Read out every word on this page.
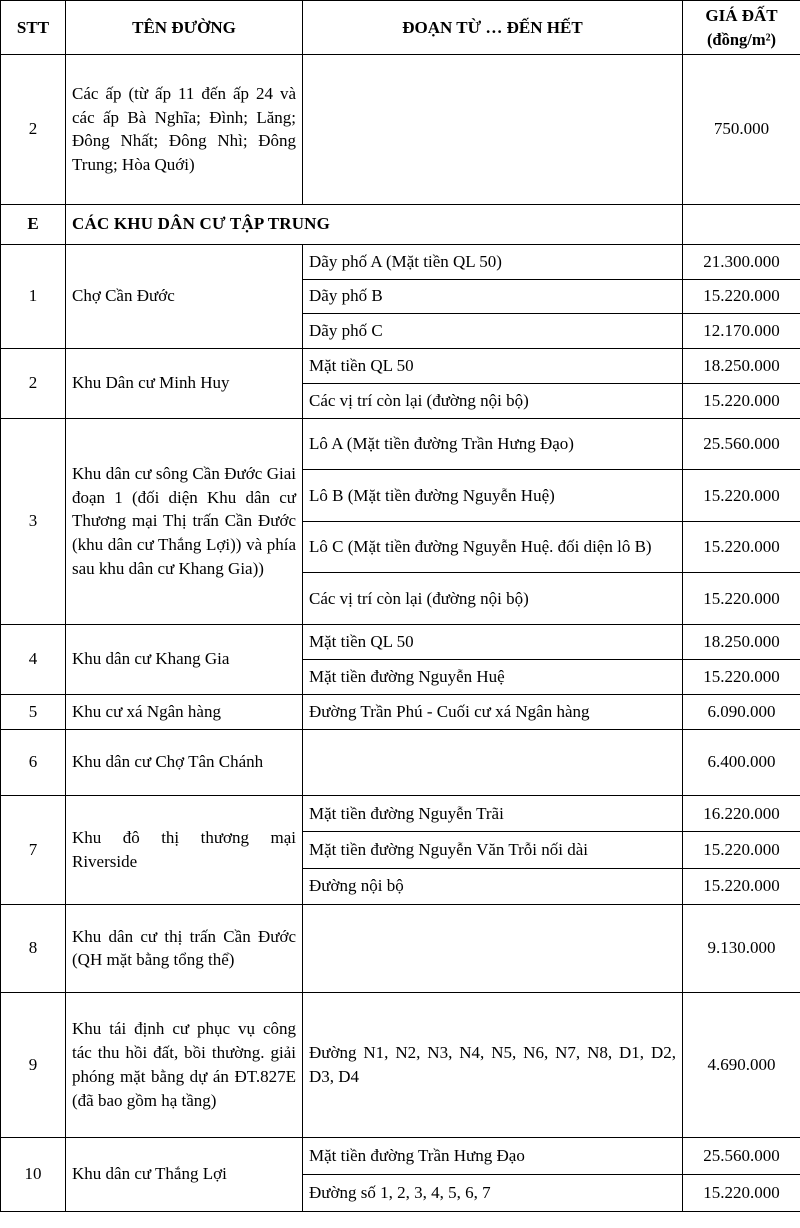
STT	TÊN ĐƯỜNG	ĐOẠN TỪ … ĐẾN HẾT	GIÁ ĐẤT
(đồng/m²)

2	Các ấp (từ ấp 11 đến ấp 24 và các ấp Bà Nghĩa; Đình; Lăng; Đông Nhất; Đông Nhì; Đông Trung; Hòa Quới)		750.000
E	CÁC KHU DÂN CƯ TẬP TRUNG		
1	Chợ Cần Đước	Dãy phố A (Mặt tiền QL 50)	21.300.000
		Dãy phố B	15.220.000
		Dãy phố C	12.170.000
2	Khu Dân cư Minh Huy	Mặt tiền QL 50	18.250.000
		Các vị trí còn lại (đường nội bộ)	15.220.000
3	Khu dân cư sông Cần Đước Giai đoạn 1 (đối diện Khu dân cư Thương mại Thị trấn Cần Đước (khu dân cư Thắng Lợi)) và phía sau khu dân cư Khang Gia))	Lô A (Mặt tiền đường Trần Hưng Đạo)	25.560.000
		Lô B (Mặt tiền đường Nguyễn Huệ)	15.220.000
		Lô C (Mặt tiền đường Nguyễn Huệ. đối diện lô B)	15.220.000
		Các vị trí còn lại (đường nội bộ)	15.220.000
4	Khu dân cư Khang Gia	Mặt tiền QL 50	18.250.000
		Mặt tiền đường Nguyễn Huệ	15.220.000
5	Khu cư xá Ngân hàng	Đường Trần Phú - Cuối cư xá Ngân hàng	6.090.000
6	Khu dân cư Chợ Tân Chánh		6.400.000
7	Khu đô thị thương mại Riverside	Mặt tiền đường Nguyễn Trãi	16.220.000
		Mặt tiền đường Nguyễn Văn Trỗi nối dài	15.220.000
		Đường nội bộ	15.220.000
8	Khu dân cư thị trấn Cần Đước (QH mặt bằng tổng thể)		9.130.000
9	Khu tái định cư phục vụ công tác thu hồi đất, bồi thường. giải phóng mặt bằng dự án ĐT.827E (đã bao gồm hạ tầng)	Đường N1, N2, N3, N4, N5, N6, N7, N8, D1, D2, D3, D4	4.690.000
10	Khu dân cư Thắng Lợi	Mặt tiền đường Trần Hưng Đạo	25.560.000
		Đường số 1, 2, 3, 4, 5, 6, 7	15.220.000
